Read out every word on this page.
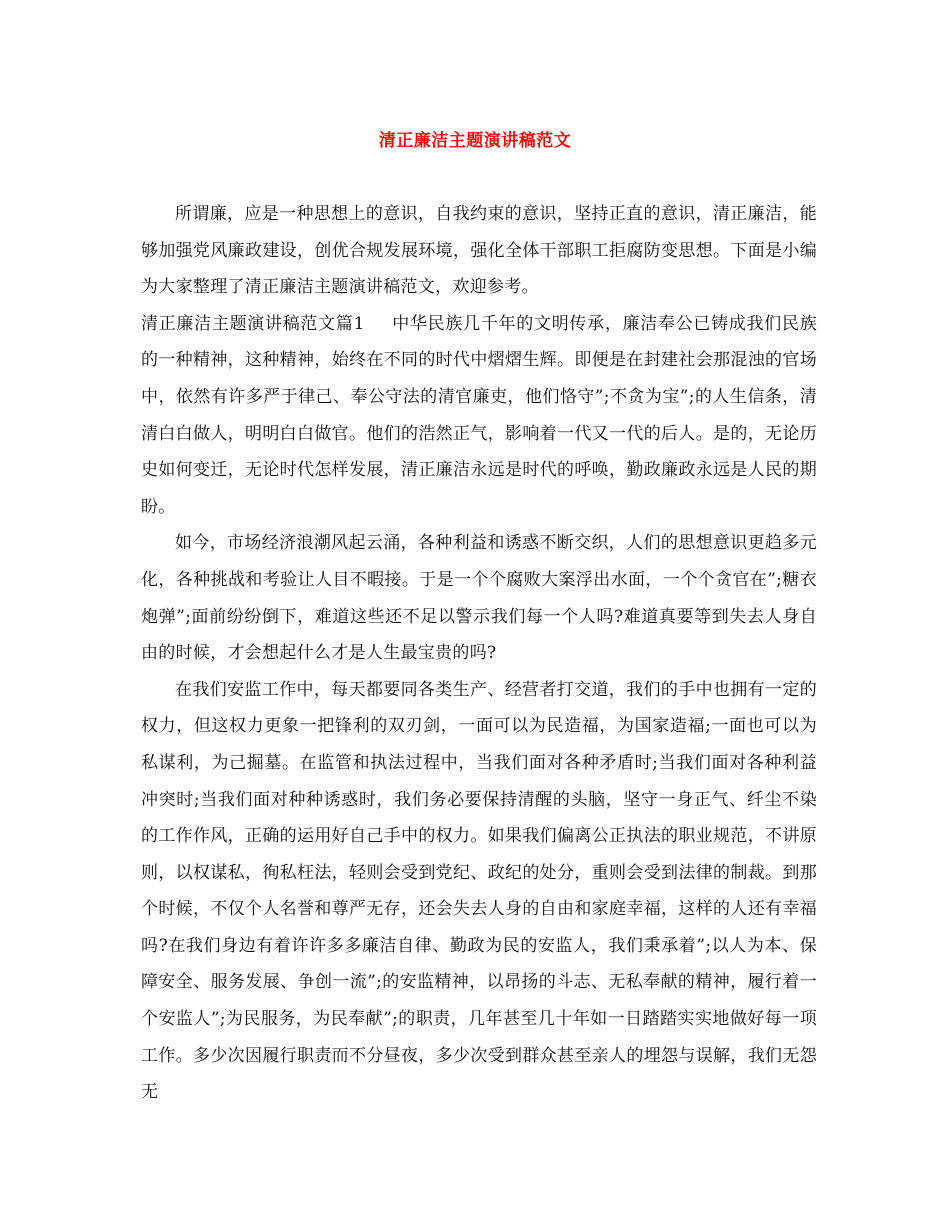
清正廉洁主题演讲稿范文

所谓廉，应是一种思想上的意识，自我约束的意识，坚持正直的意识，清正廉洁，能够加强党风廉政建设，创优合规发展环境，强化全体干部职工拒腐防变思想。下面是小编为大家整理了清正廉洁主题演讲稿范文，欢迎参考。

清正廉洁主题演讲稿范文篇1 中华民族几千年的文明传承，廉洁奉公已铸成我们民族的一种精神，这种精神，始终在不同的时代中熠熠生辉。即便是在封建社会那混浊的官场中，依然有许多严于律己、奉公守法的清官廉吏，他们恪守”;不贪为宝”;的人生信条，清清白白做人，明明白白做官。他们的浩然正气，影响着一代又一代的后人。是的，无论历史如何变迁，无论时代怎样发展，清正廉洁永远是时代的呼唤，勤政廉政永远是人民的期盼。

如今，市场经济浪潮风起云涌，各种利益和诱惑不断交织，人们的思想意识更趋多元化，各种挑战和考验让人目不暇接。于是一个个腐败大案浮出水面，一个个贪官在”;糖衣炮弹”;面前纷纷倒下，难道这些还不足以警示我们每一个人吗?难道真要等到失去人身自由的时候，才会想起什么才是人生最宝贵的吗?

在我们安监工作中，每天都要同各类生产、经营者打交道，我们的手中也拥有一定的权力，但这权力更象一把锋利的双刃剑，一面可以为民造福，为国家造福;一面也可以为私谋利，为己掘墓。在监管和执法过程中，当我们面对各种矛盾时;当我们面对各种利益冲突时;当我们面对种种诱惑时，我们务必要保持清醒的头脑，坚守一身正气、纤尘不染的工作作风，正确的运用好自己手中的权力。如果我们偏离公正执法的职业规范，不讲原则，以权谋私，徇私枉法，轻则会受到党纪、政纪的处分，重则会受到法律的制裁。到那个时候，不仅个人名誉和尊严无存，还会失去人身的自由和家庭幸福，这样的人还有幸福吗?在我们身边有着许许多多廉洁自律、勤政为民的安监人，我们秉承着”;以人为本、保障安全、服务发展、争创一流”;的安监精神，以昂扬的斗志、无私奉献的精神，履行着一个安监人”;为民服务，为民奉献”;的职责，几年甚至几十年如一日踏踏实实地做好每一项工作。多少次因履行职责而不分昼夜，多少次受到群众甚至亲人的埋怨与误解，我们无怨无
